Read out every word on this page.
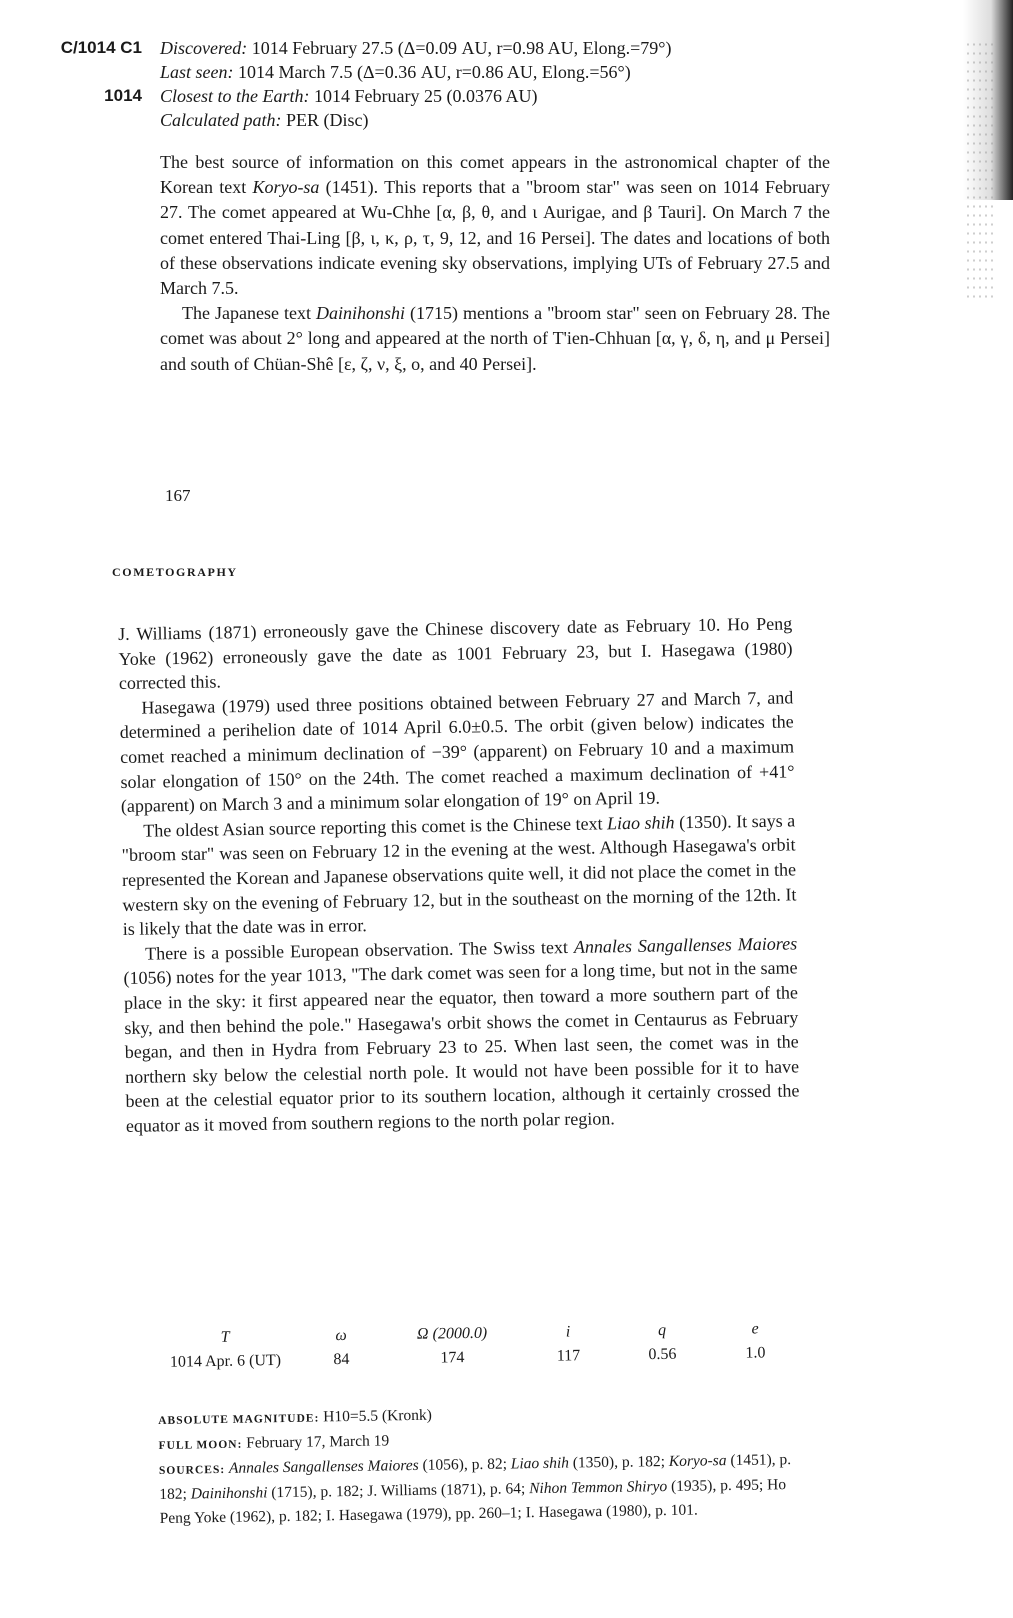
C/1014 C1 Discovered: 1014 February 27.5 (Δ=0.09 AU, r=0.98 AU, Elong.=79°)
Last seen: 1014 March 7.5 (Δ=0.36 AU, r=0.86 AU, Elong.=56°)
1014 Closest to the Earth: 1014 February 25 (0.0376 AU)
Calculated path: PER (Disc)

The best source of information on this comet appears in the astronomical chapter of the Korean text Koryo-sa (1451). This reports that a "broom star" was seen on 1014 February 27. The comet appeared at Wu-Chhe [α, β, θ, and ι Aurigae, and β Tauri]. On March 7 the comet entered Thai-Ling [β, ι, κ, ρ, τ, 9, 12, and 16 Persei]. The dates and locations of both of these observations indicate evening sky observations, implying UTs of February 27.5 and March 7.5.

The Japanese text Dainihonshi (1715) mentions a "broom star" seen on February 28. The comet was about 2° long and appeared at the north of T'ien-Chhuan [α, γ, δ, η, and μ Persei] and south of Chüan-Shê [ε, ζ, ν, ξ, ο, and 40 Persei].

167
COMETOGRAPHY

J. Williams (1871) erroneously gave the Chinese discovery date as February 10. Ho Peng Yoke (1962) erroneously gave the date as 1001 February 23, but I. Hasegawa (1980) corrected this.

Hasegawa (1979) used three positions obtained between February 27 and March 7, and determined a perihelion date of 1014 April 6.0±0.5. The orbit (given below) indicates the comet reached a minimum declination of −39° (apparent) on February 10 and a maximum solar elongation of 150° on the 24th. The comet reached a maximum declination of +41° (apparent) on March 3 and a minimum solar elongation of 19° on April 19.

The oldest Asian source reporting this comet is the Chinese text Liao shih (1350). It says a "broom star" was seen on February 12 in the evening at the west. Although Hasegawa's orbit represented the Korean and Japanese observations quite well, it did not place the comet in the western sky on the evening of February 12, but in the southeast on the morning of the 12th. It is likely that the date was in error.

There is a possible European observation. The Swiss text Annales Sangallenses Maiores (1056) notes for the year 1013, "The dark comet was seen for a long time, but not in the same place in the sky: it first appeared near the equator, then toward a more southern part of the sky, and then behind the pole." Hasegawa's orbit shows the comet in Centaurus as February began, and then in Hydra from February 23 to 25. When last seen, the comet was in the northern sky below the celestial north pole. It would not have been possible for it to have been at the celestial equator prior to its southern location, although it certainly crossed the equator as it moved from southern regions to the north polar region.

T	ω	Ω (2000.0)	i	q	e
1014 Apr. 6 (UT)	84	174	117	0.56	1.0
ABSOLUTE MAGNITUDE: H10=5.5 (Kronk)
FULL MOON: February 17, March 19
SOURCES: Annales Sangallenses Maiores (1056), p. 82; Liao shih (1350), p. 182; Koryo-sa (1451), p. 182; Dainihonshi (1715), p. 182; J. Williams (1871), p. 64; Nihon Temmon Shiryo (1935), p. 495; Ho Peng Yoke (1962), p. 182; I. Hasegawa (1979), pp. 260–1; I. Hasegawa (1980), p. 101.
